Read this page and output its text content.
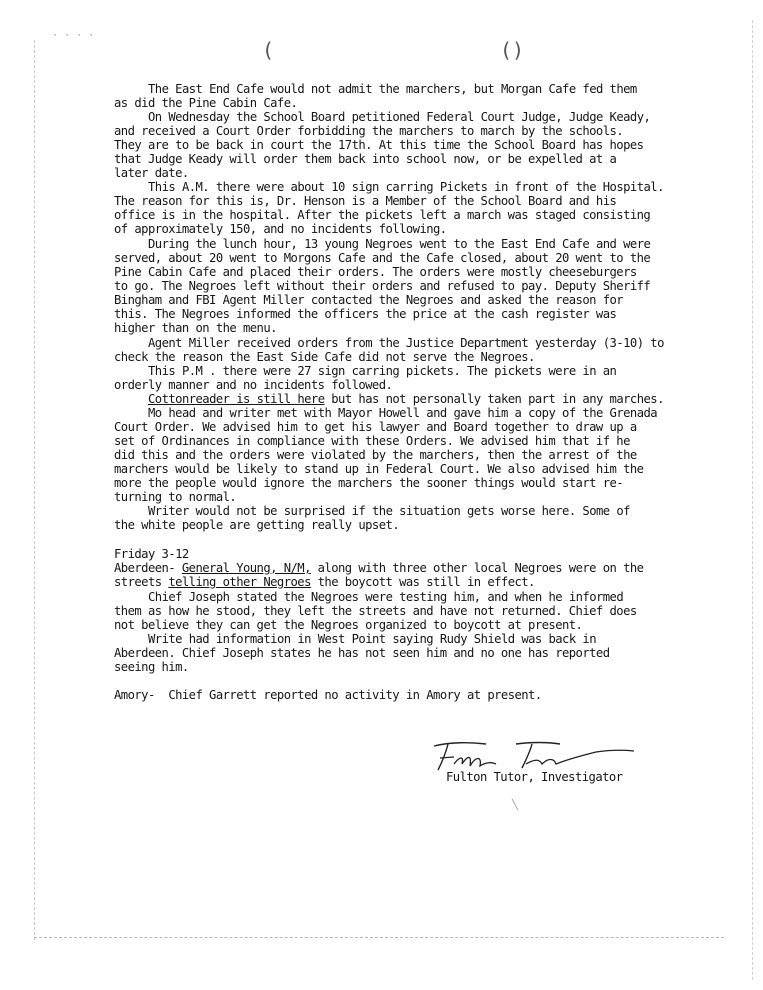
· · · ·
(	()
The East End Cafe would not admit the marchers, but Morgan Cafe fed them
as did the Pine Cabin Cafe.
On Wednesday the School Board petitioned Federal Court Judge, Judge Keady,
and received a Court Order forbidding the marchers to march by the schools.
They are to be back in court the 17th. At this time the School Board has hopes
that Judge Keady will order them back into school now, or be expelled at a
later date.
This A.M. there were about 10 sign carring Pickets in front of the Hospital.
The reason for this is, Dr. Henson is a Member of the School Board and his
office is in the hospital. After the pickets left a march was staged consisting
of approximately 150, and no incidents following.
During the lunch hour, 13 young Negroes went to the East End Cafe and were
served, about 20 went to Morgons Cafe and the Cafe closed, about 20 went to the
Pine Cabin Cafe and placed their orders. The orders were mostly cheeseburgers
to go. The Negroes left without their orders and refused to pay. Deputy Sheriff
Bingham and FBI Agent Miller contacted the Negroes and asked the reason for
this. The Negroes informed the officers the price at the cash register was
higher than on the menu.
Agent Miller received orders from the Justice Department yesterday (3-10) to
check the reason the East Side Cafe did not serve the Negroes.
This P.M . there were 27 sign carring pickets. The pickets were in an
orderly manner and no incidents followed.
Cottonreader is still here but has not personally taken part in any marches.
Mo head and writer met with Mayor Howell and gave him a copy of the Grenada
Court Order. We advised him to get his lawyer and Board together to draw up a
set of Ordinances in compliance with these Orders. We advised him that if he
did this and the orders were violated by the marchers, then the arrest of the
marchers would be likely to stand up in Federal Court. We also advised him the
more the people would ignore the marchers the sooner things would start re-
turning to normal.
Writer would not be surprised if the situation gets worse here. Some of
the white people are getting really upset.
Friday 3-12
Aberdeen- General Young, N/M, along with three other local Negroes were on the
streets telling other Negroes the boycott was still in effect.
Chief Joseph stated the Negroes were testing him, and when he informed
them as how he stood, they left the streets and have not returned. Chief does
not believe they can get the Negroes organized to boycott at present.
Write had information in West Point saying Rudy Shield was back in
Aberdeen. Chief Joseph states he has not seen him and no one has reported
seeing him.
Amory- Chief Garrett reported no activity in Amory at present.
Fulton Tutor, Investigator
╲
